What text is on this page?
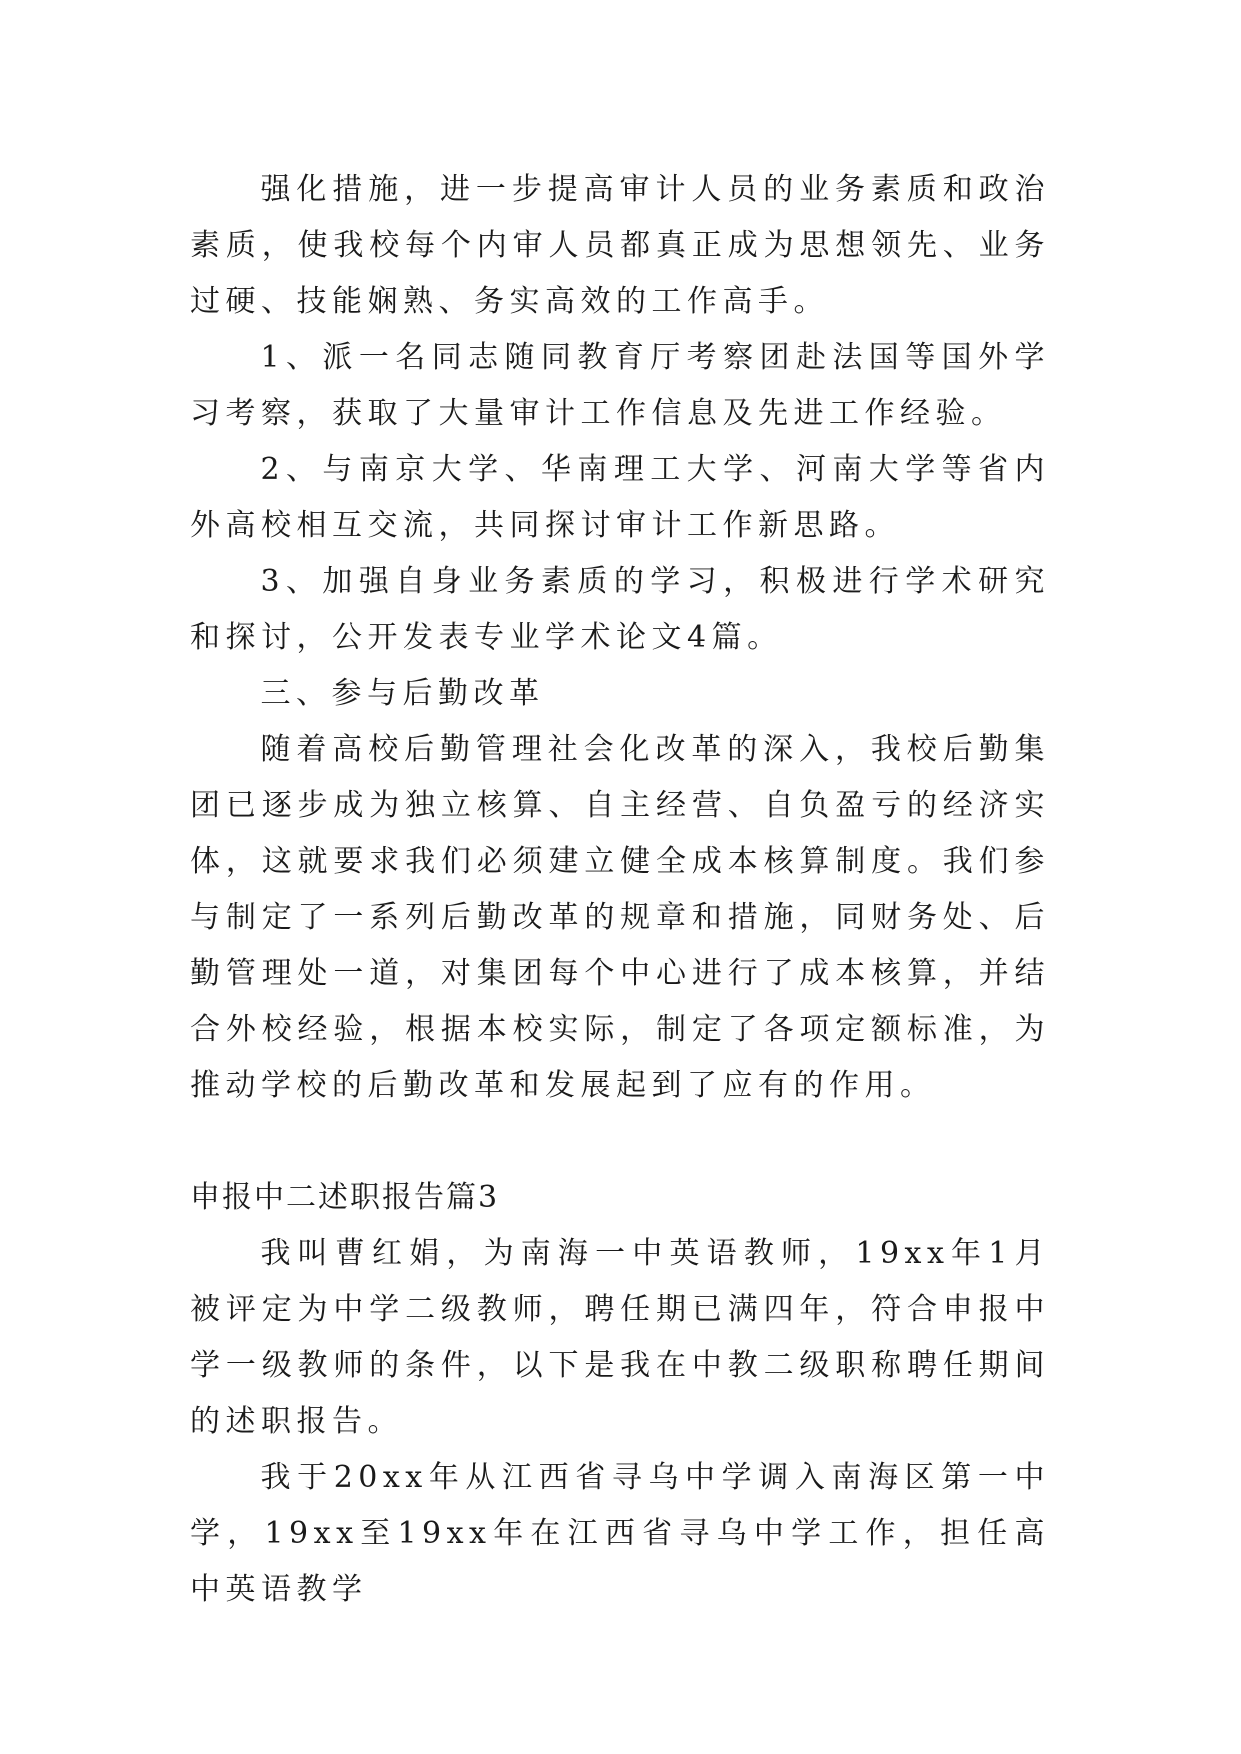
强化措施，进一步提高审计人员的业务素质和政治素质，使我校每个内审人员都真正成为思想领先、业务过硬、技能娴熟、务实高效的工作高手。

1、派一名同志随同教育厅考察团赴法国等国外学习考察，获取了大量审计工作信息及先进工作经验。

2、与南京大学、华南理工大学、河南大学等省内外高校相互交流，共同探讨审计工作新思路。

3、加强自身业务素质的学习，积极进行学术研究和探讨，公开发表专业学术论文4篇。

三、参与后勤改革

随着高校后勤管理社会化改革的深入，我校后勤集团已逐步成为独立核算、自主经营、自负盈亏的经济实体，这就要求我们必须建立健全成本核算制度。我们参与制定了一系列后勤改革的规章和措施，同财务处、后勤管理处一道，对集团每个中心进行了成本核算，并结合外校经验，根据本校实际，制定了各项定额标准，为推动学校的后勤改革和发展起到了应有的作用。

申报中二述职报告篇3

我叫曹红娟，为南海一中英语教师，19xx年1月被评定为中学二级教师，聘任期已满四年，符合申报中学一级教师的条件，以下是我在中教二级职称聘任期间的述职报告。

我于20xx年从江西省寻乌中学调入南海区第一中学，19xx至19xx年在江西省寻乌中学工作，担任高中英语教学
